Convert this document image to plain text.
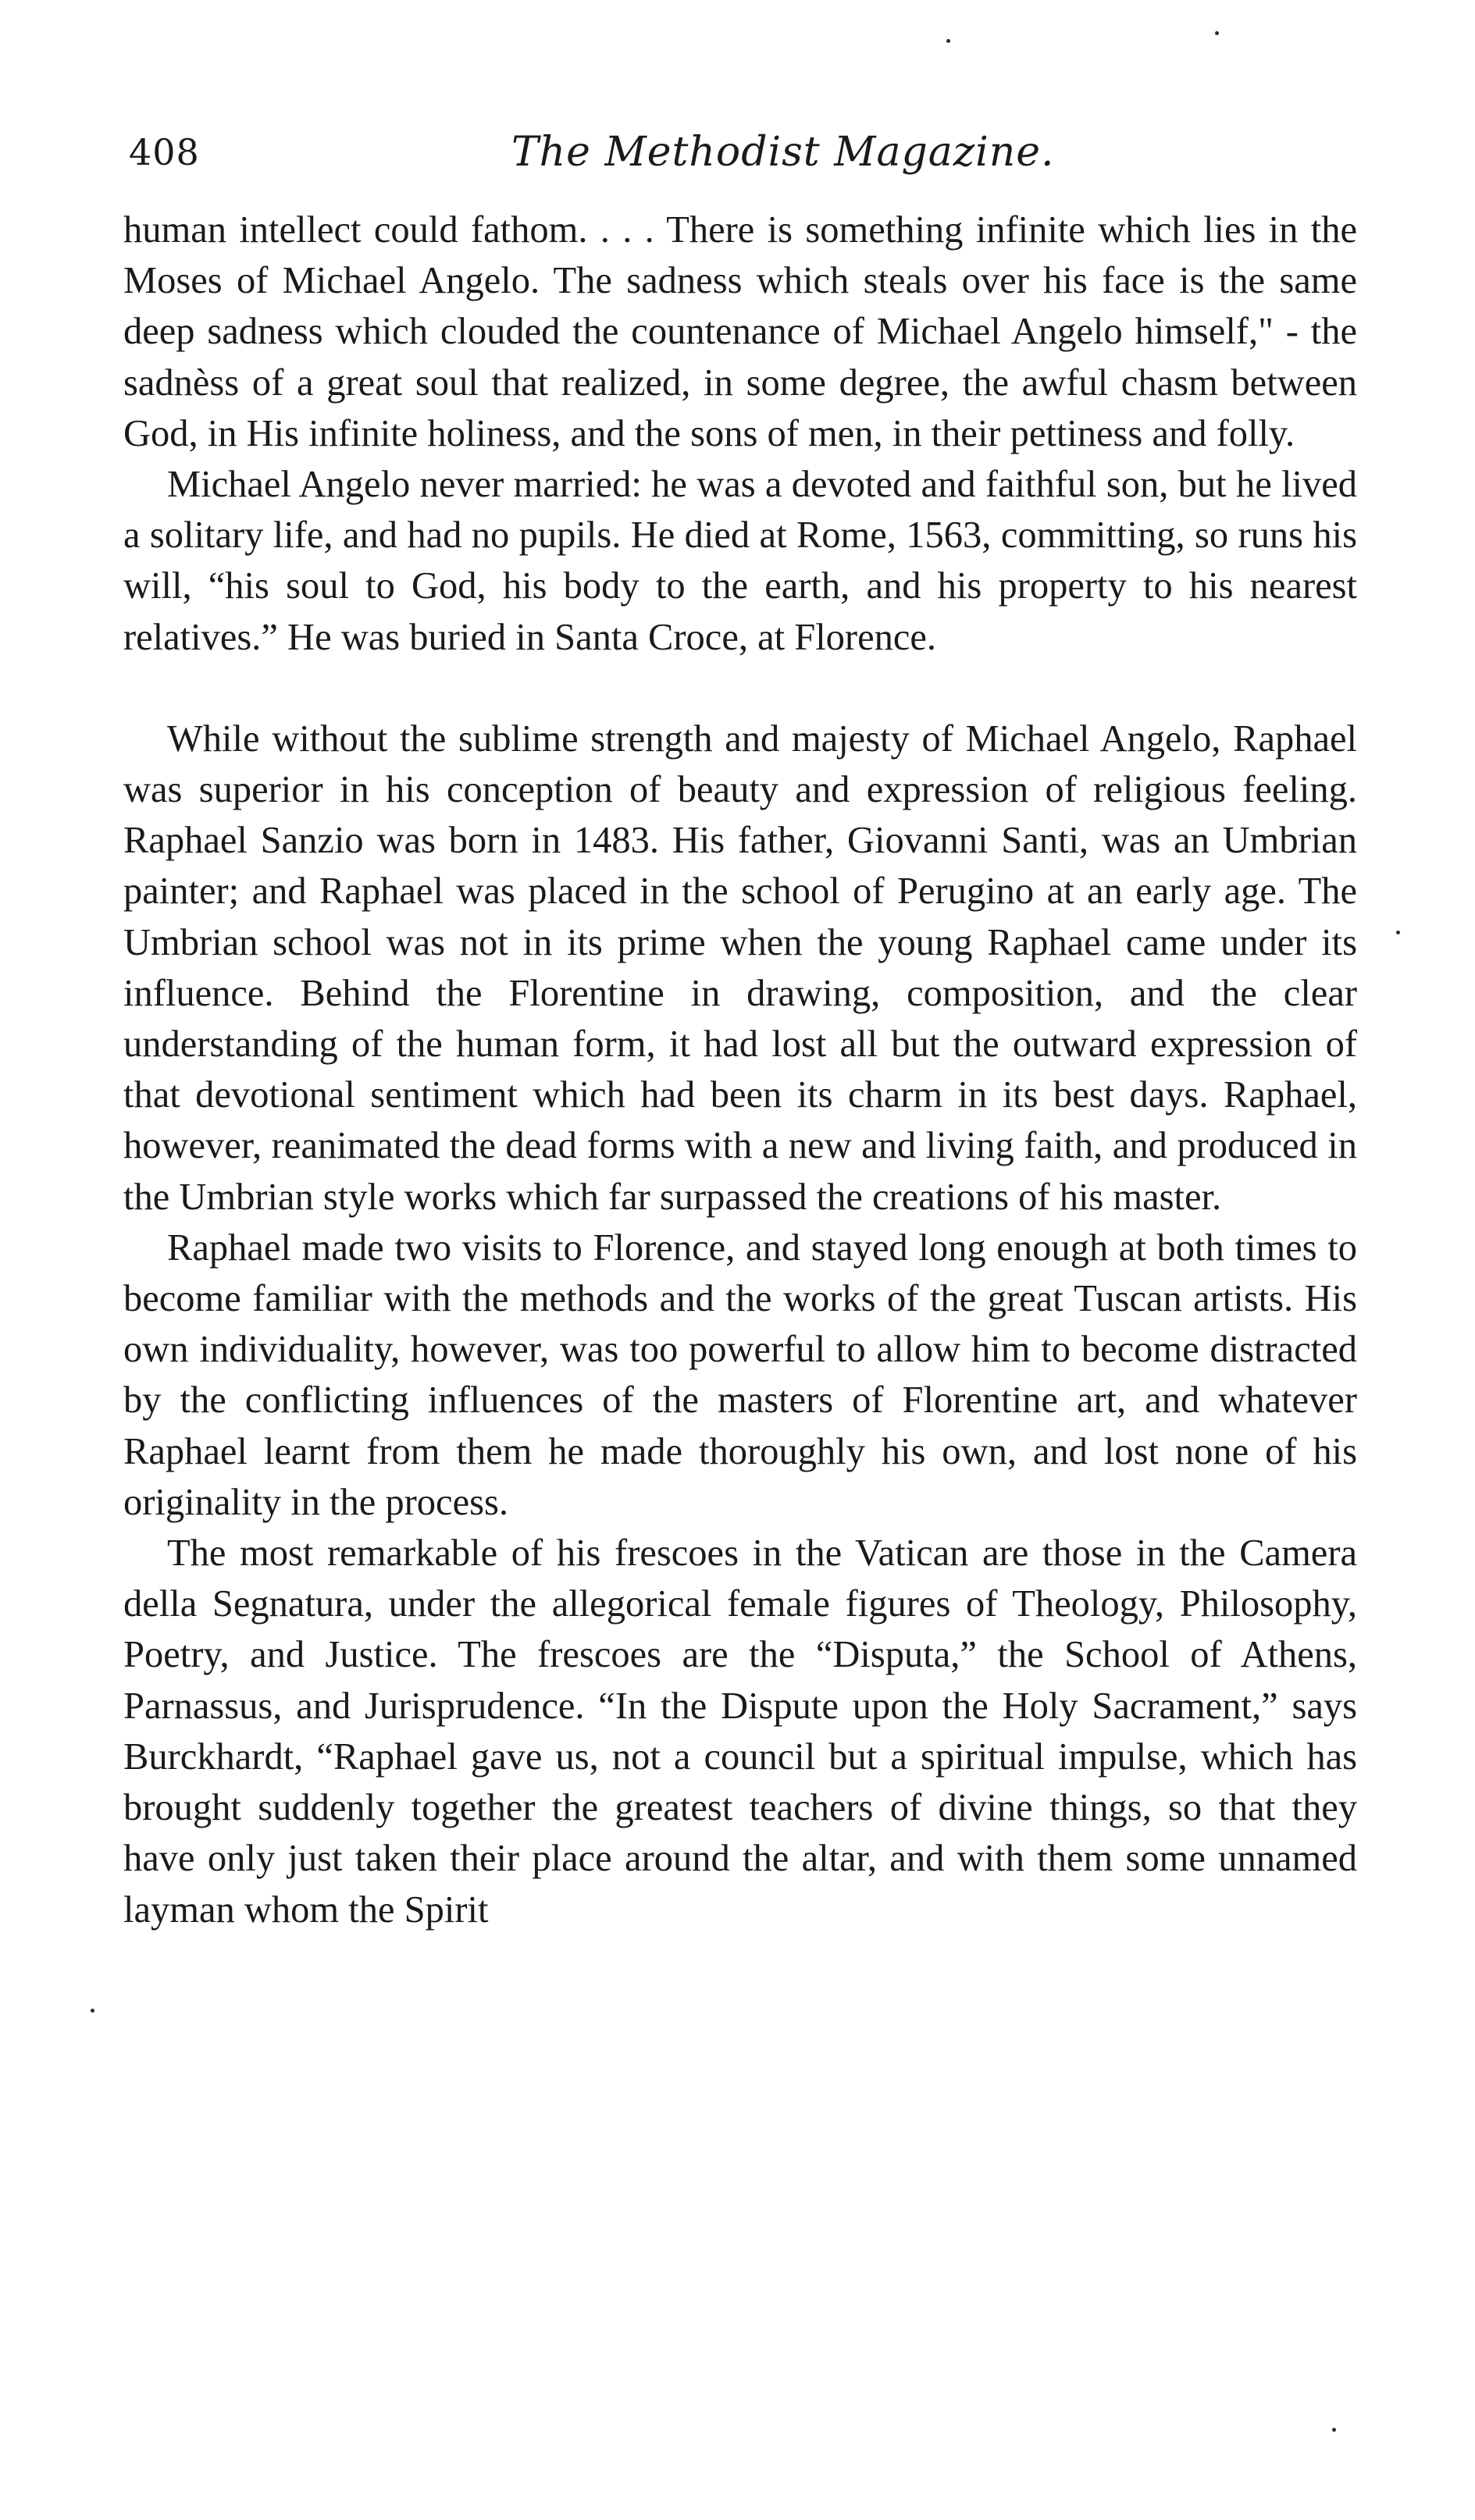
408	The Methodist Magazine.

human intellect could fathom. . . . There is something infinite which lies in the Moses of Michael Angelo. The sadness which steals over his face is the same deep sadness which clouded the countenance of Michael Angelo himself," - the sadnèss of a great soul that realized, in some degree, the awful chasm between God, in His infinite holiness, and the sons of men, in their pettiness and folly.

Michael Angelo never married: he was a devoted and faithful son, but he lived a solitary life, and had no pupils. He died at Rome, 1563, committing, so runs his will, “his soul to God, his body to the earth, and his property to his nearest relatives.” He was buried in Santa Croce, at Florence.

While without the sublime strength and majesty of Michael Angelo, Raphael was superior in his conception of beauty and expression of religious feeling. Raphael Sanzio was born in 1483. His father, Giovanni Santi, was an Umbrian painter; and Raphael was placed in the school of Perugino at an early age. The Umbrian school was not in its prime when the young Raphael came under its influence. Behind the Florentine in drawing, composition, and the clear understanding of the human form, it had lost all but the outward expression of that devotional sentiment which had been its charm in its best days. Raphael, however, reanimated the dead forms with a new and living faith, and produced in the Umbrian style works which far surpassed the creations of his master.

Raphael made two visits to Florence, and stayed long enough at both times to become familiar with the methods and the works of the great Tuscan artists. His own individuality, however, was too powerful to allow him to become distracted by the conflicting influences of the masters of Florentine art, and whatever Raphael learnt from them he made thoroughly his own, and lost none of his originality in the process.

The most remarkable of his frescoes in the Vatican are those in the Camera della Segnatura, under the allegorical female figures of Theology, Philosophy, Poetry, and Justice. The frescoes are the “Disputa,” the School of Athens, Parnassus, and Jurisprudence. “In the Dispute upon the Holy Sacrament,” says Burckhardt, “Raphael gave us, not a council but a spiritual impulse, which has brought suddenly together the greatest teachers of divine things, so that they have only just taken their place around the altar, and with them some unnamed layman whom the Spirit
